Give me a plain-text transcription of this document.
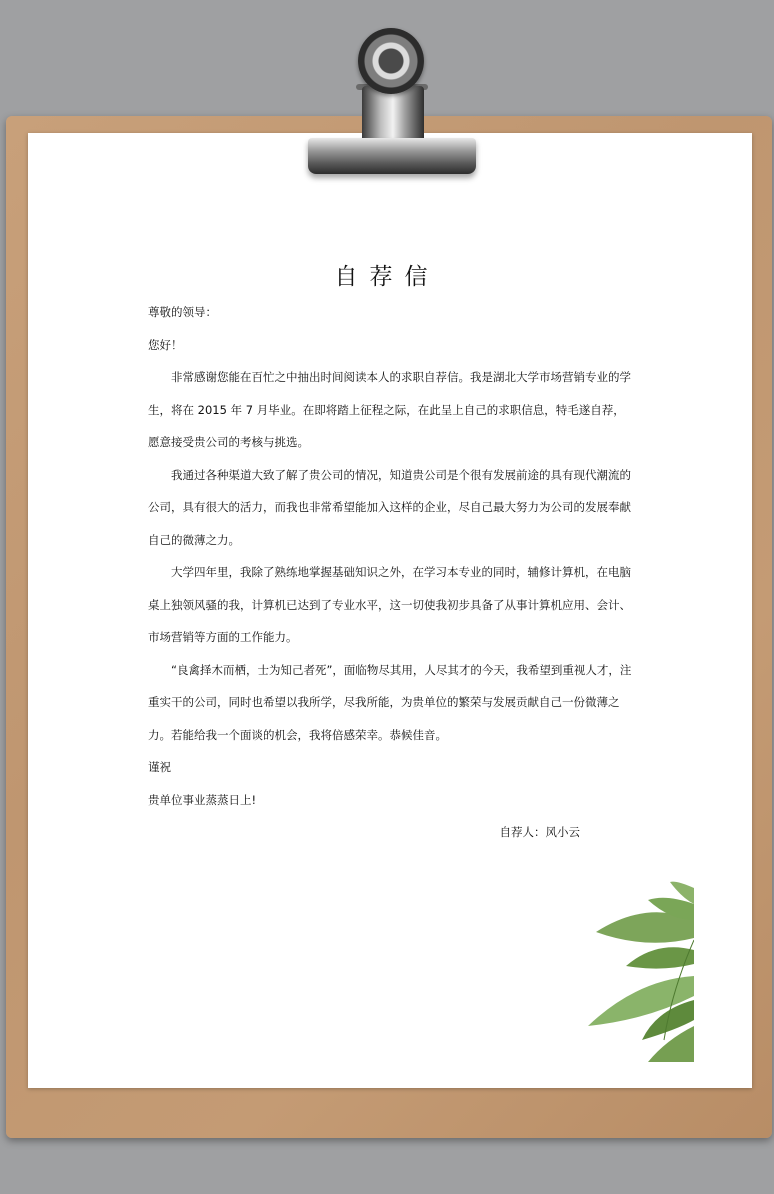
自荐信

尊敬的领导：

您好！

非常感谢您能在百忙之中抽出时间阅读本人的求职自荐信。我是湖北大学市场营销专业的学生，将在 2015 年 7 月毕业。在即将踏上征程之际，在此呈上自己的求职信息，特毛遂自荐，愿意接受贵公司的考核与挑选。

我通过各种渠道大致了解了贵公司的情况，知道贵公司是个很有发展前途的具有现代潮流的公司，具有很大的活力，而我也非常希望能加入这样的企业，尽自己最大努力为公司的发展奉献自己的微薄之力。

大学四年里，我除了熟练地掌握基础知识之外，在学习本专业的同时，辅修计算机，在电脑桌上独领风骚的我，计算机已达到了专业水平，这一切使我初步具备了从事计算机应用、会计、市场营销等方面的工作能力。

“良禽择木而栖，士为知己者死”，面临物尽其用，人尽其才的今天，我希望到重视人才，注重实干的公司，同时也希望以我所学，尽我所能，为贵单位的繁荣与发展贡献自己一份微薄之力。若能给我一个面谈的机会，我将倍感荣幸。恭候佳音。

谨祝

贵单位事业蒸蒸日上!

自荐人：风小云
